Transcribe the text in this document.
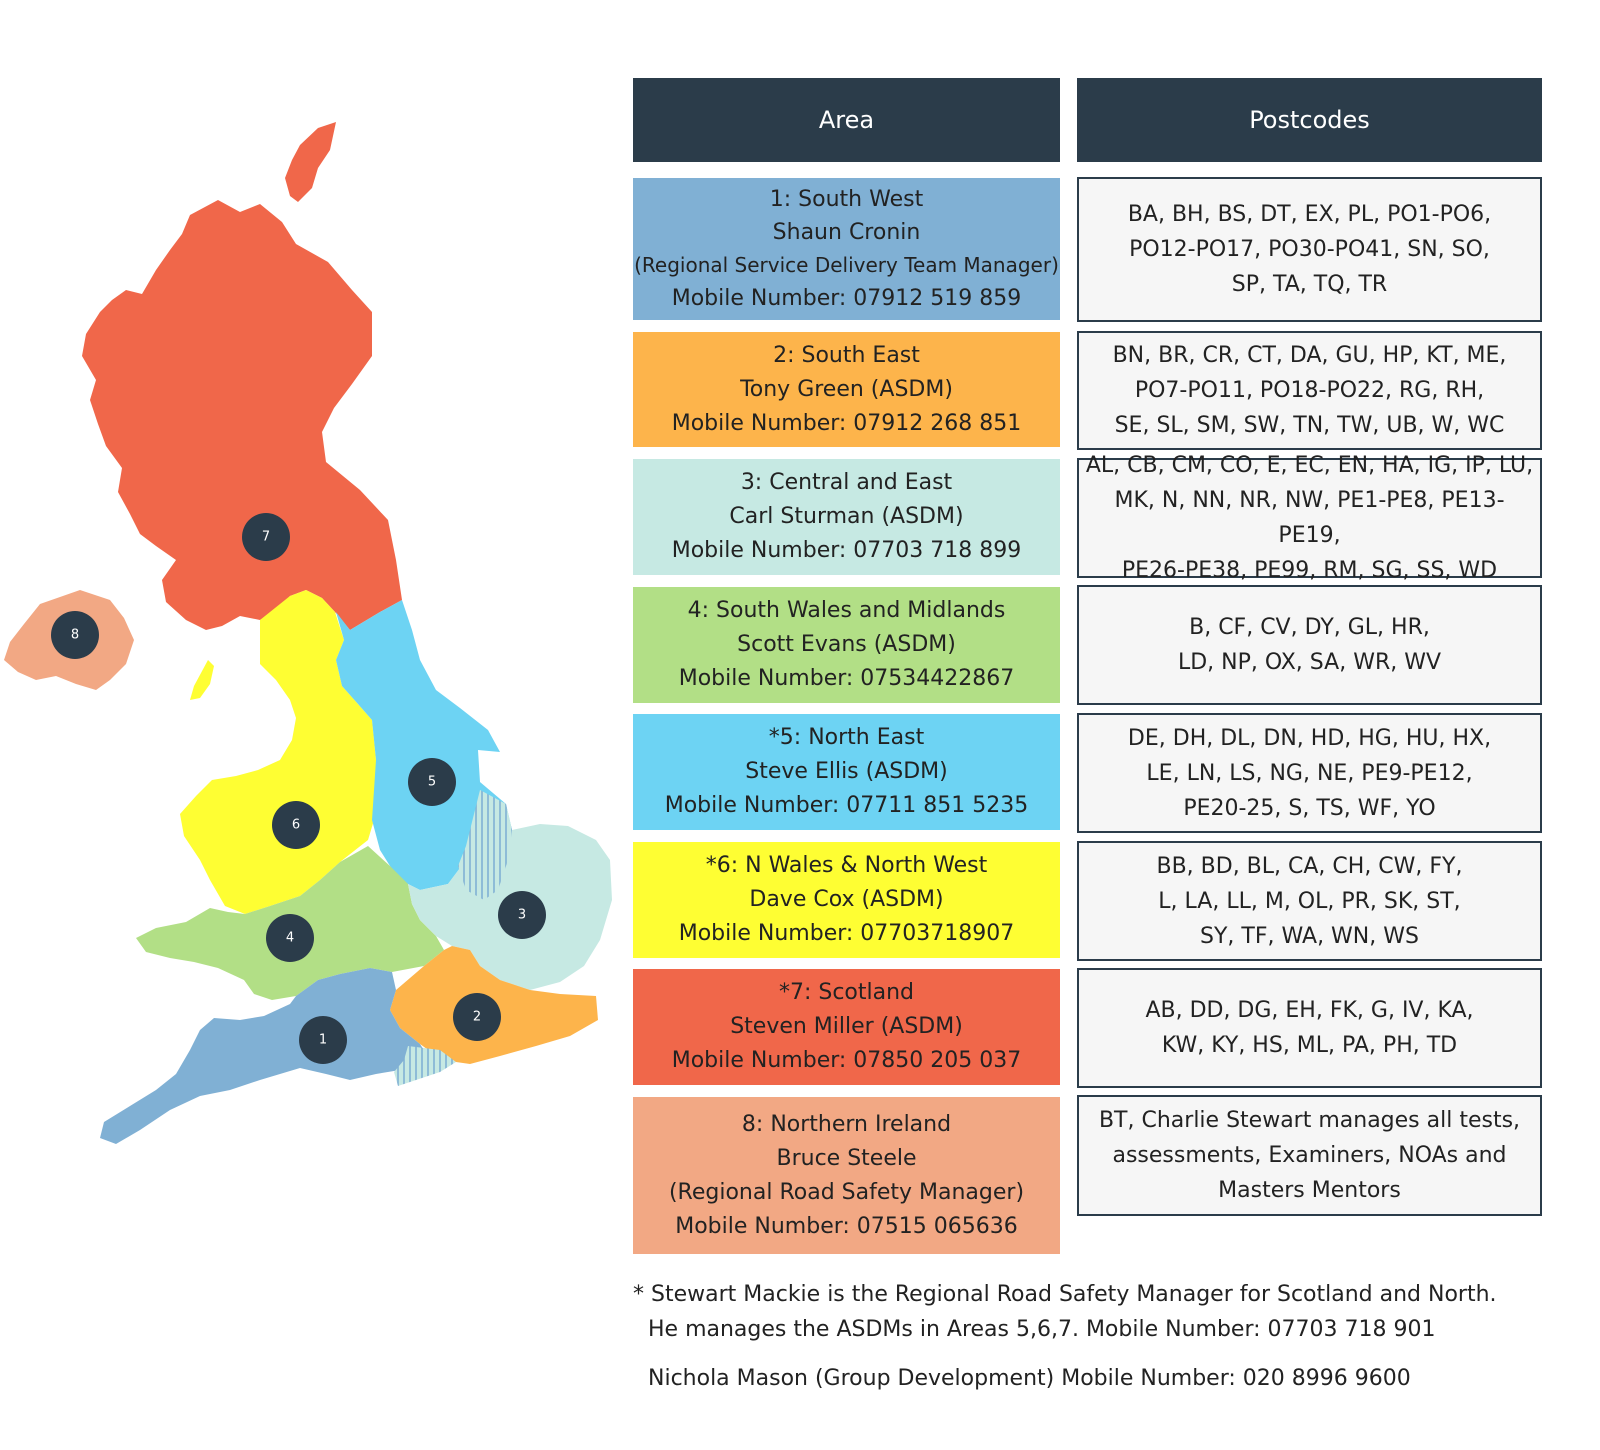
1
2
3
4
5
6
7
8
Area	Postcodes
1: South West
Shaun Cronin
(Regional Service Delivery Team Manager)
Mobile Number: 07912 519 859
2: South East
Tony Green (ASDM)
Mobile Number: 07912 268 851
3: Central and East
Carl Sturman (ASDM)
Mobile Number: 07703 718 899
4: South Wales and Midlands
Scott Evans (ASDM)
Mobile Number: 07534422867
*5: North East
Steve Ellis (ASDM)
Mobile Number: 07711 851 5235
*6: N Wales & North West
Dave Cox (ASDM)
Mobile Number: 07703718907
*7: Scotland
Steven Miller (ASDM)
Mobile Number: 07850 205 037
8: Northern Ireland
Bruce Steele
(Regional Road Safety Manager)
Mobile Number: 07515 065636
BA, BH, BS, DT, EX, PL, PO1-PO6,
PO12-PO17, PO30-PO41, SN, SO,
SP, TA, TQ, TR
BN, BR, CR, CT, DA, GU, HP, KT, ME,
PO7-PO11, PO18-PO22, RG, RH,
SE, SL, SM, SW, TN, TW, UB, W, WC
AL, CB, CM, CO, E, EC, EN, HA, IG, IP, LU,
MK, N, NN, NR, NW, PE1-PE8, PE13-PE19,
PE26-PE38, PE99, RM, SG, SS, WD
B, CF, CV, DY, GL, HR,
LD, NP, OX, SA, WR, WV
DE, DH, DL, DN, HD, HG, HU, HX,
LE, LN, LS, NG, NE, PE9-PE12,
PE20-25, S, TS, WF, YO
BB, BD, BL, CA, CH, CW, FY,
L, LA, LL, M, OL, PR, SK, ST,
SY, TF, WA, WN, WS
AB, DD, DG, EH, FK, G, IV, KA,
KW, KY, HS, ML, PA, PH, TD
BT, Charlie Stewart manages all tests,
assessments, Examiners, NOAs and
Masters Mentors
* Stewart Mackie is the Regional Road Safety Manager for Scotland and North.
He manages the ASDMs in Areas 5,6,7. Mobile Number: 07703 718 901
Nichola Mason (Group Development) Mobile Number: 020 8996 9600
